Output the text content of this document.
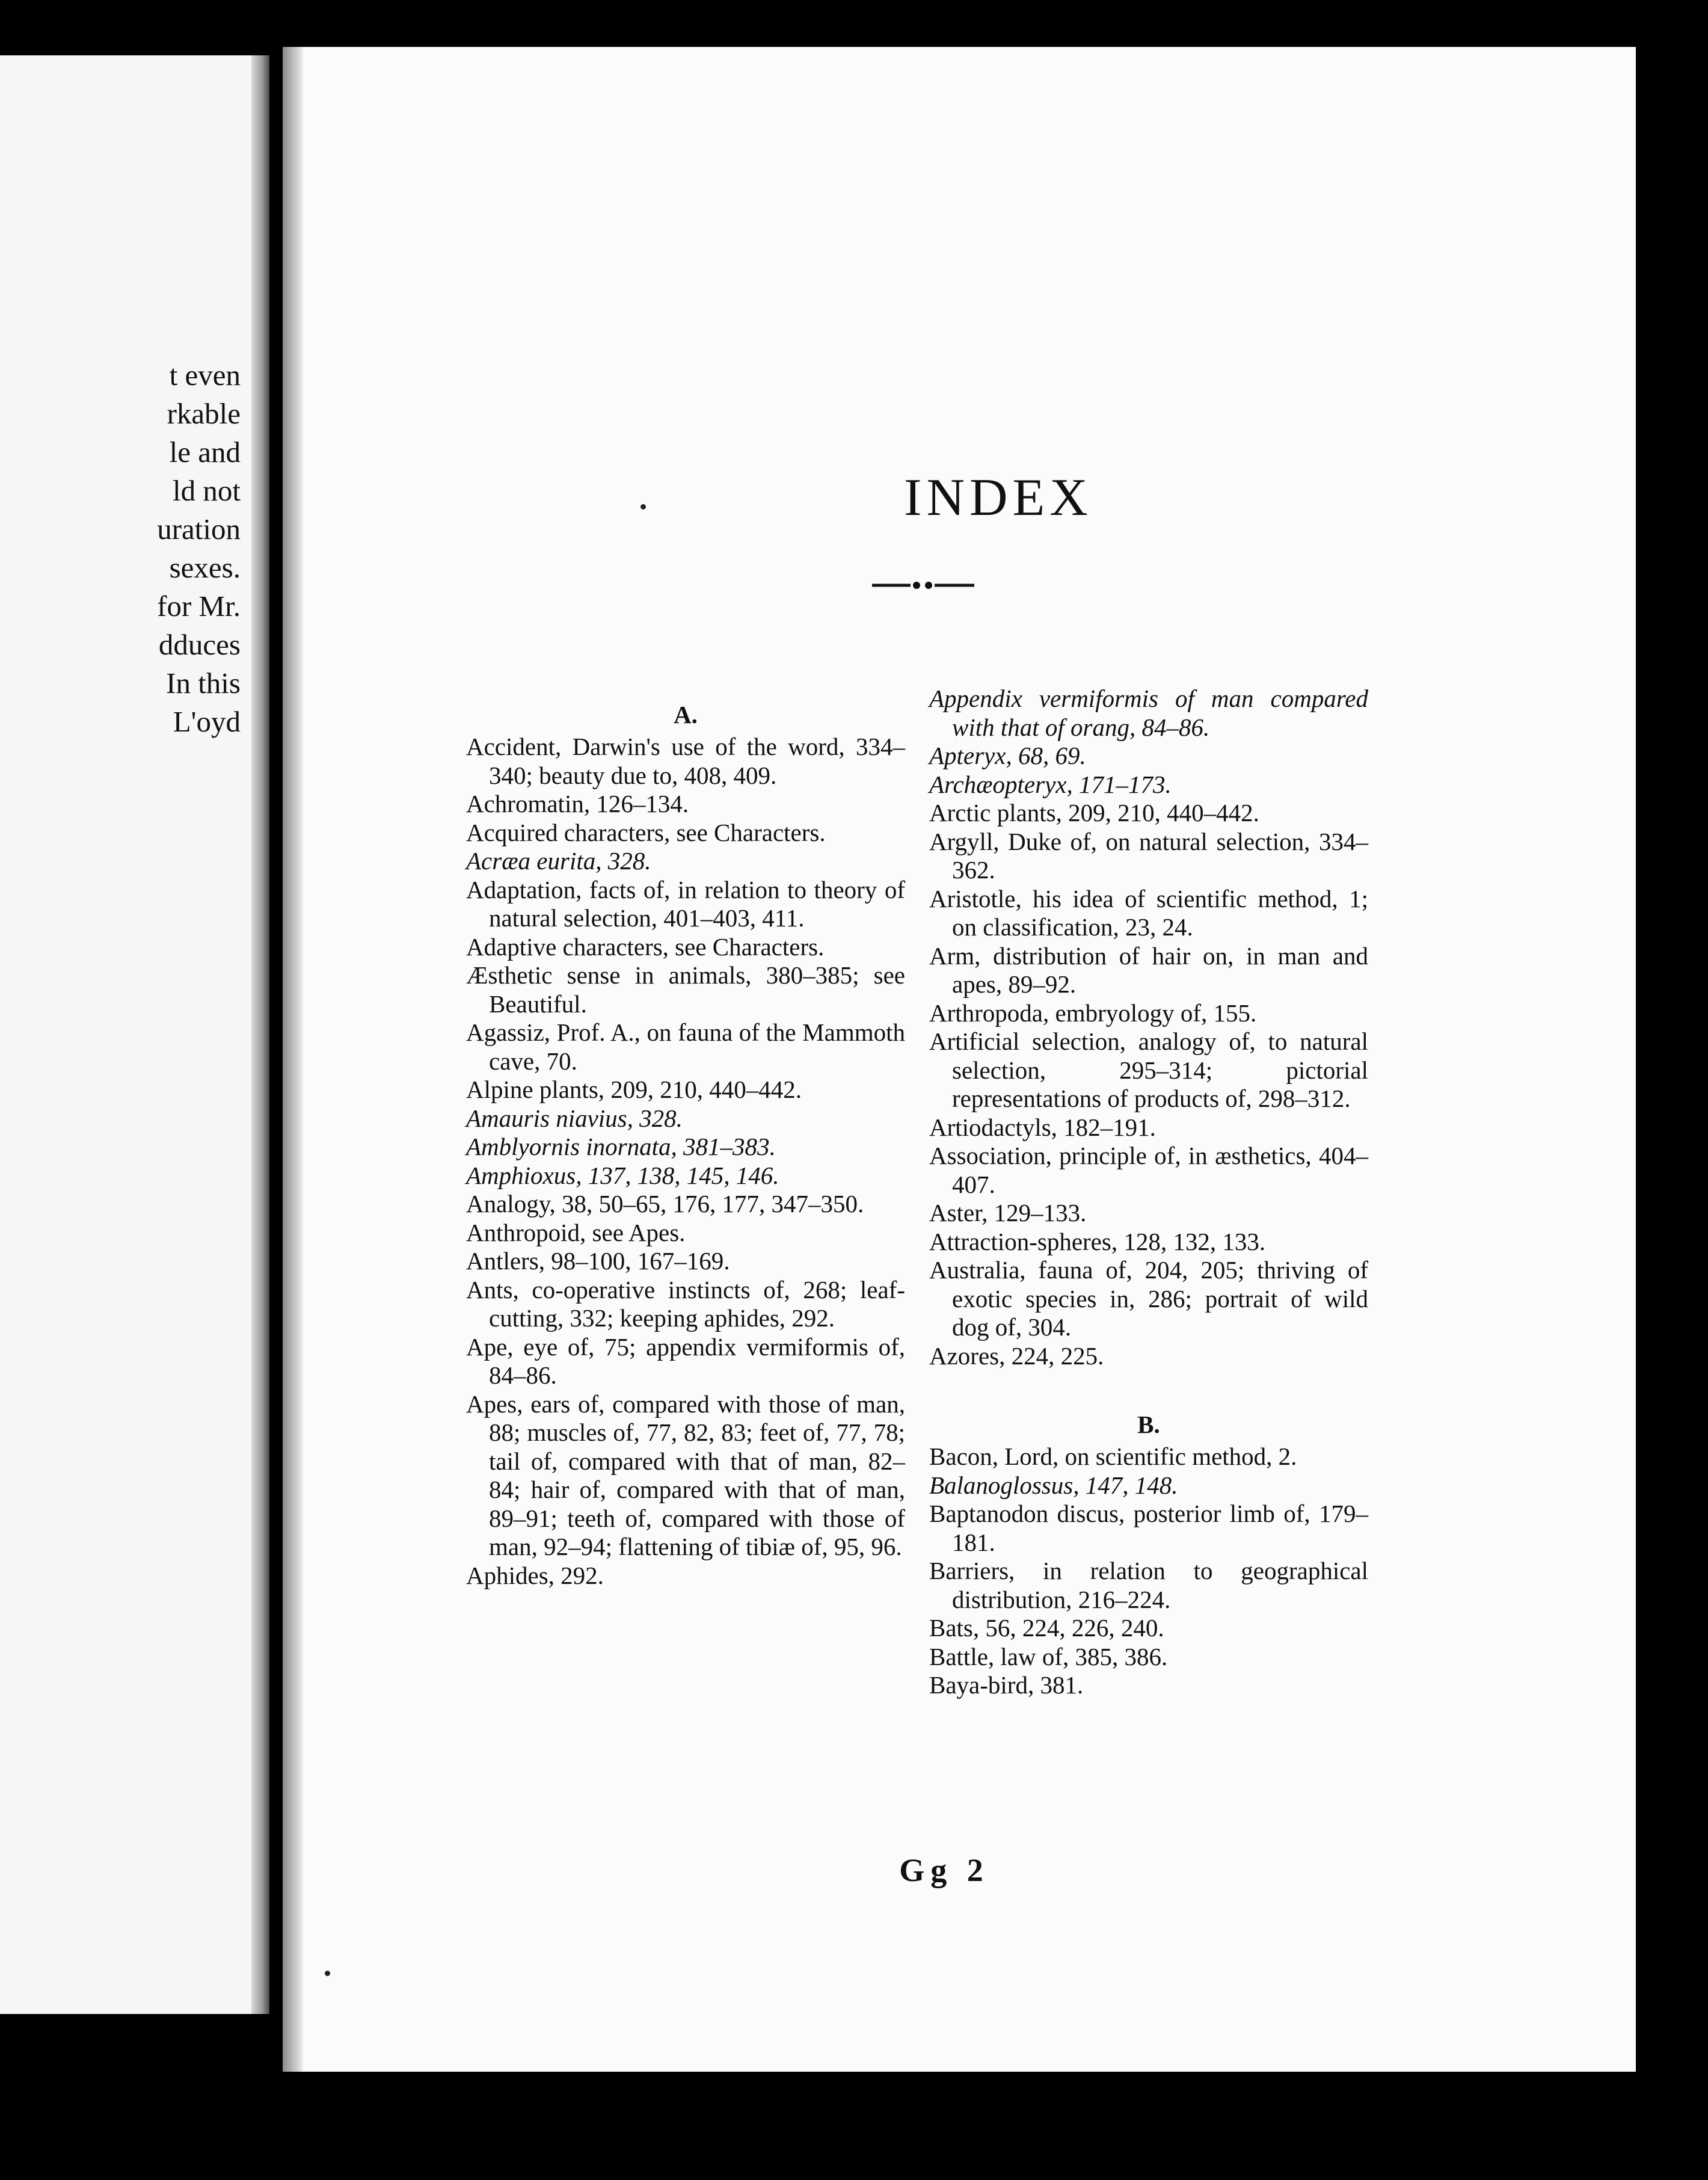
t even
rkable
le and
ld not
uration
sexes.
for Mr.
dduces
In this
L'oyd
INDEX
A.
Accident, Darwin's use of the word, 334–340; beauty due to, 408, 409.
Achromatin, 126–134.
Acquired characters, see Characters.
Acræa eurita, 328.
Adaptation, facts of, in relation to theory of natural selection, 401–403, 411.
Adaptive characters, see Characters.
Æsthetic sense in animals, 380–385; see Beautiful.
Agassiz, Prof. A., on fauna of the Mammoth cave, 70.
Alpine plants, 209, 210, 440–442.
Amauris niavius, 328.
Amblyornis inornata, 381–383.
Amphioxus, 137, 138, 145, 146.
Analogy, 38, 50–65, 176, 177, 347–350.
Anthropoid, see Apes.
Antlers, 98–100, 167–169.
Ants, co-operative instincts of, 268; leaf-cutting, 332; keeping aphides, 292.
Ape, eye of, 75; appendix vermiformis of, 84–86.
Apes, ears of, compared with those of man, 88; muscles of, 77, 82, 83; feet of, 77, 78; tail of, compared with that of man, 82–84; hair of, compared with that of man, 89–91; teeth of, compared with those of man, 92–94; flattening of tibiæ of, 95, 96.
Aphides, 292.
Appendix vermiformis of man compared with that of orang, 84–86.
Apteryx, 68, 69.
Archæopteryx, 171–173.
Arctic plants, 209, 210, 440–442.
Argyll, Duke of, on natural selection, 334–362.
Aristotle, his idea of scientific method, 1; on classification, 23, 24.
Arm, distribution of hair on, in man and apes, 89–92.
Arthropoda, embryology of, 155.
Artificial selection, analogy of, to natural selection, 295–314; pictorial representations of products of, 298–312.
Artiodactyls, 182–191.
Association, principle of, in æsthetics, 404–407.
Aster, 129–133.
Attraction-spheres, 128, 132, 133.
Australia, fauna of, 204, 205; thriving of exotic species in, 286; portrait of wild dog of, 304.
Azores, 224, 225.
B.
Bacon, Lord, on scientific method, 2.
Balanoglossus, 147, 148.
Baptanodon discus, posterior limb of, 179–181.
Barriers, in relation to geographical distribution, 216–224.
Bats, 56, 224, 226, 240.
Battle, law of, 385, 386.
Baya-bird, 381.
Gg 2
